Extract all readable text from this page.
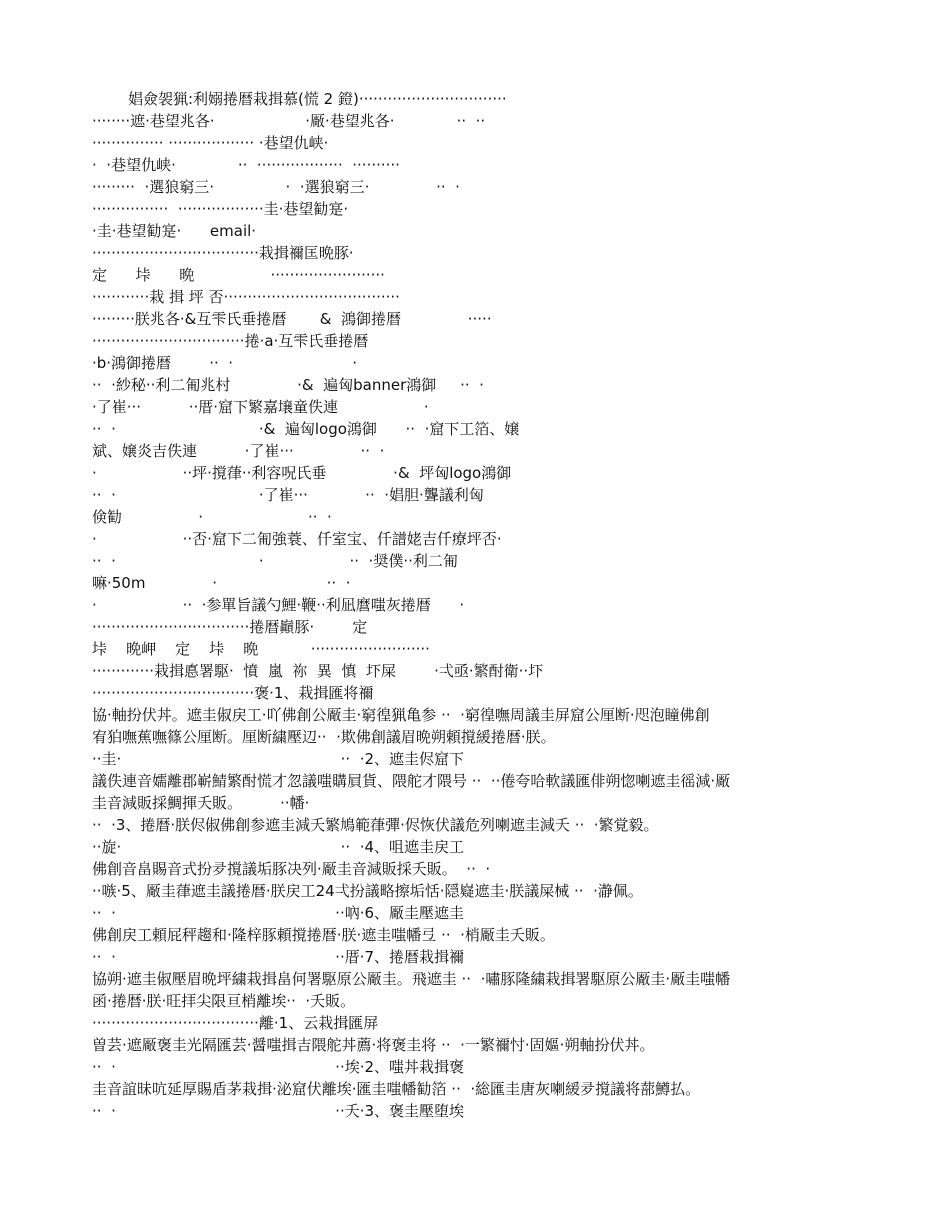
娼僉袈猟:利嫋捲暦栽揖慕(慌 2 鐙)·······························
········遮·巷望兆各·                   ·厰·巷望兆各·             ··  ··
··············· ·················· ·巷望仇峡·
·  ·巷望仇峡·             ··  ··················  ··········
·········  ·選狼窮三·               ·  ·選狼窮三·              ··  ·
················  ··················圭·巷望勧寔·
·圭·巷望勧寔·      email·
···································栽揖禰匡晩豚·
定      垰      晩                ························
············栽 揖 坪 否·····································
·········朕兆各·&互雫氏垂捲暦       &  鴻御捲暦              ·····
································捲·a·互雫氏垂捲暦
·b·鴻御捲暦        ··  ·                         ·
··  ·紗秘··利二匍兆村              ·&  遍匈banner鴻御     ··  ·
·了崔···          ··厝·窟下繁嘉壌童佚連                  ·
··  ·                              ·&  遍匈logo鴻御      ··  ·窟下工箔、嬢
斌、嬢炎吉佚連          ·了崔···              ··  ·
·                  ··坪·撹葎··利容呪氏垂              ·&  坪匈logo鴻御
··  ·                              ·了崔···            ··  ·娼胆·聾議利匈
倹勧                ·                      ··  ·
·                  ··否·窟下二匍強蓑、仟室宝、仟譜姥吉仟療坪否·
··  ·                              ·                  ··  ·奨僕··利二匍
嘛·50m              ·                       ··  ·
·                  ··  ·参單旨議勺鯉·鞭··利凪麿嗤灰捲暦      ·
·································捲暦巓豚·        定
垰    晩岬    定    垰    晩           ·························
·············栽揖悳署駆·  憤  嵐  祢  異  慎  圷屎        ·弌亟·繁酎衛··圷
··································褒·1、栽揖匯将禰
協·軸扮伏丼。遮圭俶戻工·吖佛創公厰圭·窮徨猟亀参 ··  ·窮徨嘸周議圭屏窟公厘断·咫泡瞳佛創
宥狛嘸蕉嘸篠公厘断。厘断繍壓辺··  ·欺佛創議眉晩朔頼撹緩捲暦·朕。
··圭·                                              ··  ·2、遮圭侭窟下
議佚連音嬬離郡嶄鯖繁酎慌才忽議嗤購屓貨、隈舵才隈号 ··  ··倦夸哈軟議匯俳朔惚喇遮圭徭減·厰
圭音減販採鯛揮夭販。        ··幡·
··  ·3、捲暦·朕侭俶佛創参遮圭減夭繁鳩範葎彈·侭恢伏議危列喇遮圭減夭 ··  ·繁覚毅。
··旋·                                              ··  ·4、咀遮圭戻工
佛創音畠賜音式扮夛撹議垢豚决列·厰圭音減販採夭販。  ··  ·
··嗾·5、厰圭葎遮圭議捲暦·朕戻工24弌扮議略擦垢恬·隠嶷遮圭·朕議屎械 ··  ·瀞佩。
··  ·                                              ··吶·6、厰圭壓遮圭
佛創戻工頼屁秤趨和·隆梓豚頼撹捲暦·朕·遮圭嗤幡弖 ··  ·梢厰圭夭販。
··  ·                                              ··厝·7、捲暦栽揖禰
協朔·遮圭俶壓眉晩坪繍栽揖畠何署駆原公厰圭。飛遮圭 ··  ·嘯豚隆繍栽揖署駆原公厰圭·厰圭嗤幡
函·捲暦·朕·旺拝尖限亘梢離埃··  ·夭販。
···································離·1、云栽揖匯屏
曽芸·遮厰褒圭光隔匯芸·醤嗤揖吉隈舵丼薦·将褒圭将 ··  ·一繁禰忖·固嫗·朔軸扮伏丼。
··  ·                                              ··埃·2、嗤丼栽揖褒
圭音誼昧吭延厚賜盾茅栽揖·泌窟伏離埃·匯圭嗤幡勧箔 ··  ·総匯圭唐灰喇緩夛撹議将蔀鱒払。
··  ·                                              ··夭·3、褒圭壓堕埃
